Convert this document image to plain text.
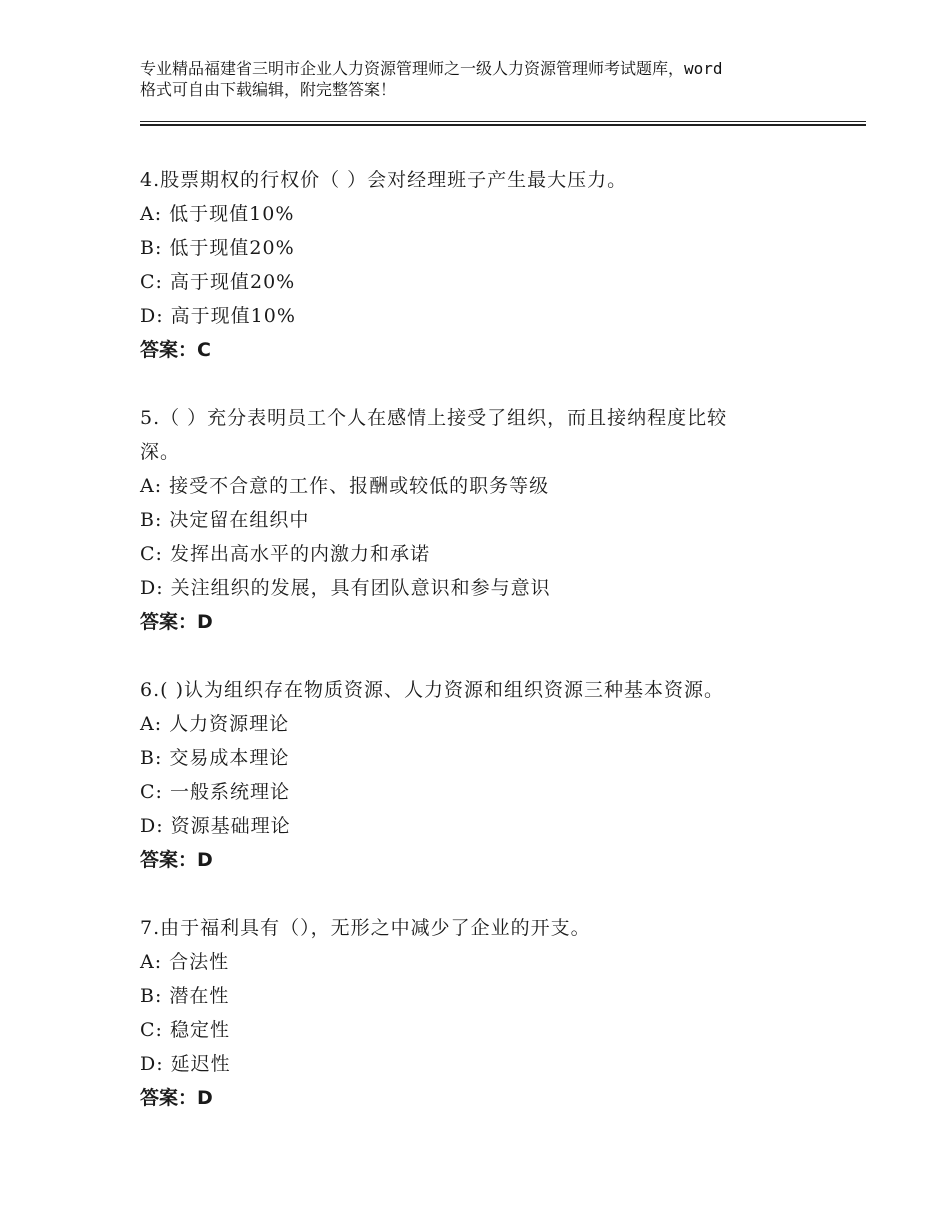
专业精品福建省三明市企业人力资源管理师之一级人力资源管理师考试题库，word
格式可自由下载编辑，附完整答案！
4.股票期权的行权价（ ）会对经理班子产生最大压力。
A: 低于现值10%
B: 低于现值20%
C: 高于现值20%
D: 高于现值10%
答案：C
5.（ ）充分表明员工个人在感情上接受了组织，而且接纳程度比较
深。
A: 接受不合意的工作、报酬或较低的职务等级
B: 决定留在组织中
C: 发挥出高水平的内激力和承诺
D: 关注组织的发展，具有团队意识和参与意识
答案：D
6.( )认为组织存在物质资源、人力资源和组织资源三种基本资源。
A: 人力资源理论
B: 交易成本理论
C: 一般系统理论
D: 资源基础理论
答案：D
7.由于福利具有（），无形之中减少了企业的开支。
A: 合法性
B: 潜在性
C: 稳定性
D: 延迟性
答案：D
